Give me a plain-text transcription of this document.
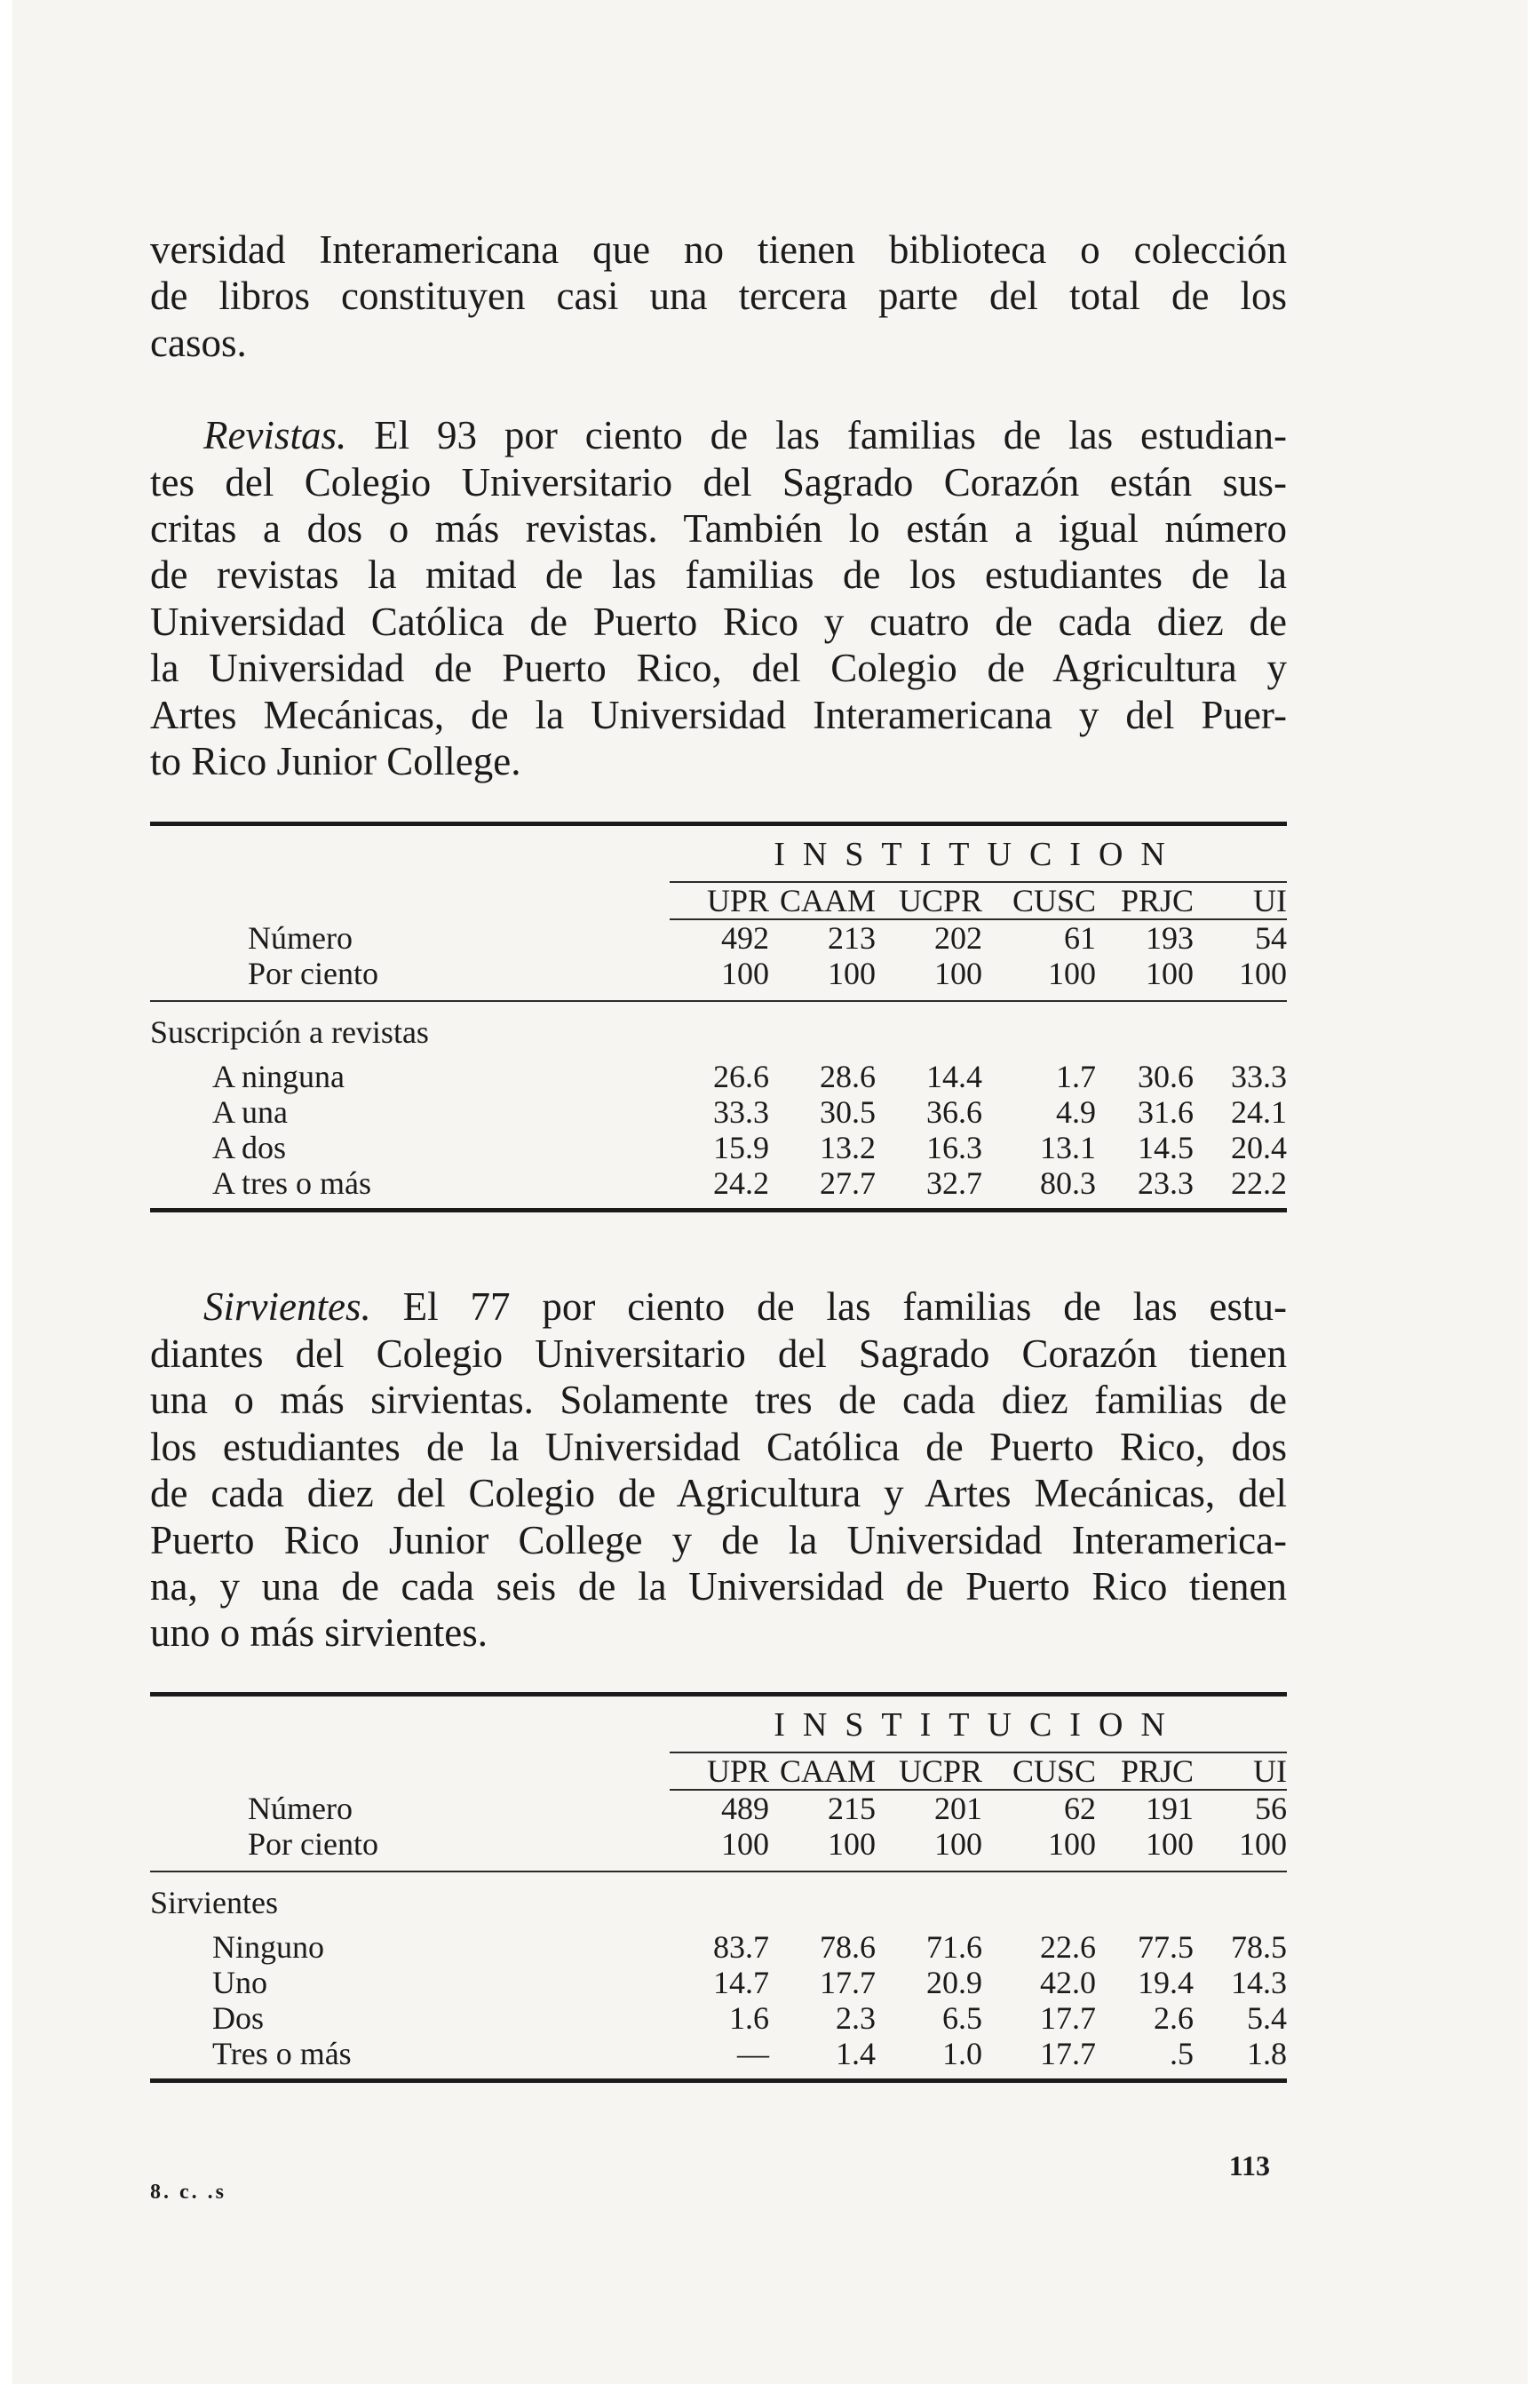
versidad Interamericana que no tienen biblioteca o colección
de libros constituyen casi una tercera parte del total de los
casos.

Revistas. El 93 por ciento de las familias de las estudian-
tes del Colegio Universitario del Sagrado Corazón están sus-
critas a dos o más revistas. También lo están a igual número
de revistas la mitad de las familias de los estudiantes de la
Universidad Católica de Puerto Rico y cuatro de cada diez de
la Universidad de Puerto Rico, del Colegio de Agricultura y
Artes Mecánicas, de la Universidad Interamericana y del Puer-
to Rico Junior College.

	INSTITUCION					
	UPR	CAAM	UCPR	CUSC	PRJC	UI
Número	492	213	202	61	193	54
Por ciento	100	100	100	100	100	100
Suscripción a revistas						
A ninguna	26.6	28.6	14.4	1.7	30.6	33.3
A una	33.3	30.5	36.6	4.9	31.6	24.1
A dos	15.9	13.2	16.3	13.1	14.5	20.4
A tres o más	24.2	27.7	32.7	80.3	23.3	22.2

Sirvientes. El 77 por ciento de las familias de las estu-
diantes del Colegio Universitario del Sagrado Corazón tienen
una o más sirvientas. Solamente tres de cada diez familias de
los estudiantes de la Universidad Católica de Puerto Rico, dos
de cada diez del Colegio de Agricultura y Artes Mecánicas, del
Puerto Rico Junior College y de la Universidad Interamerica-
na, y una de cada seis de la Universidad de Puerto Rico tienen
uno o más sirvientes.

	INSTITUCION					
	UPR	CAAM	UCPR	CUSC	PRJC	UI
Número	489	215	201	62	191	56
Por ciento	100	100	100	100	100	100
Sirvientes						
Ninguno	83.7	78.6	71.6	22.6	77.5	78.5
Uno	14.7	17.7	20.9	42.0	19.4	14.3
Dos	1.6	2.3	6.5	17.7	2.6	5.4
Tres o más	—	1.4	1.0	17.7	.5	1.8
8. c. .s
113
